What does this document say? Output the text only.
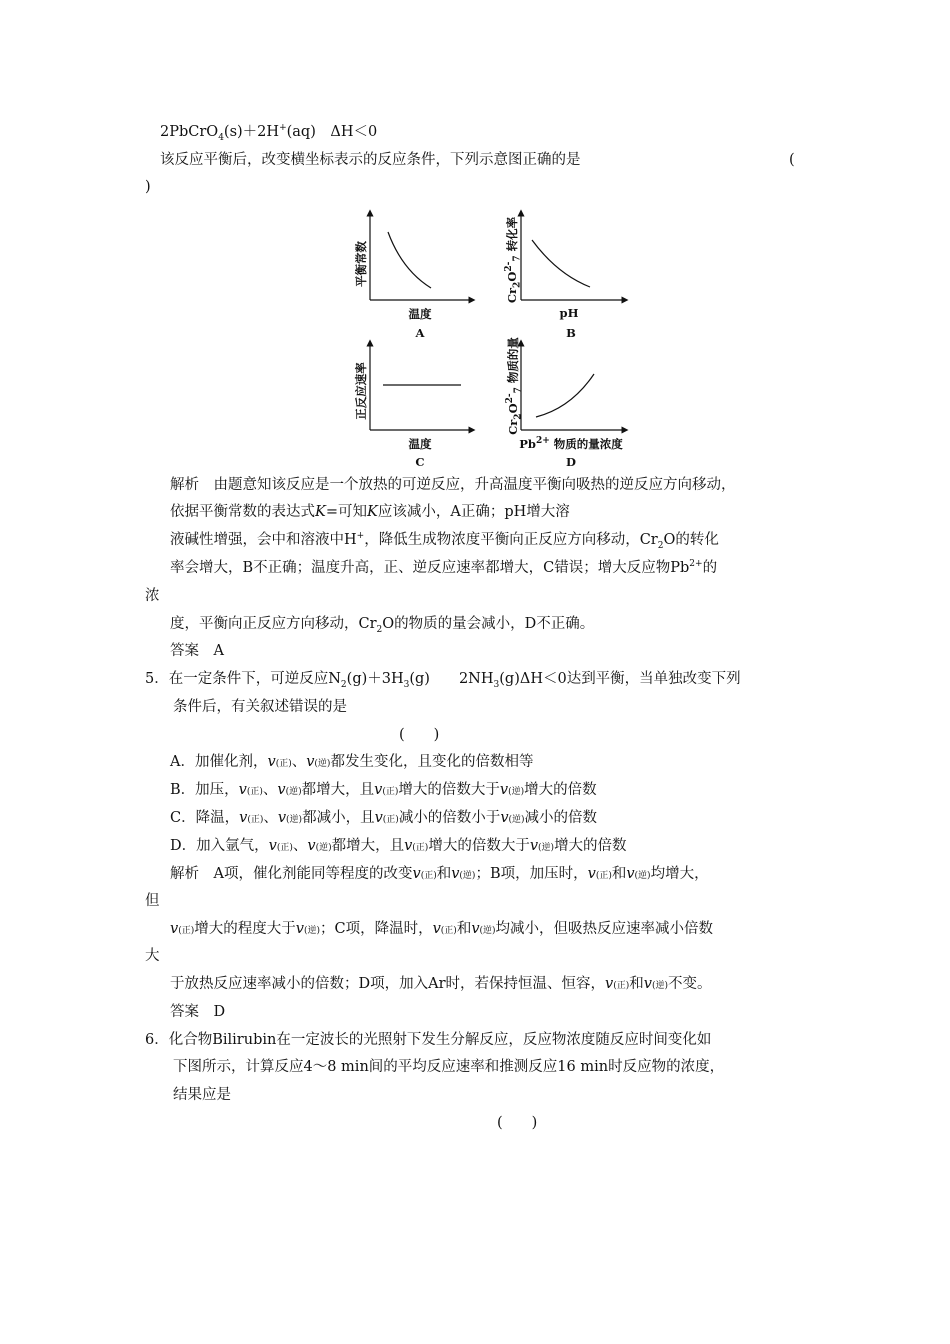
2PbCrO$_4$(s)＋2H+(aq)　ΔH＜0
该反应平衡后，改变横坐标表示的反应条件，下列示意图正确的是	(
)
平衡常数
温度
A
$Cr_2O^{2-}_7$ 转化率
pH
B
正反应速率
温度
C
$Cr_2O^{2-}_7$ 物质的量
$Pb^{2+}$ 物质的量浓度
D
解析　由题意知该反应是一个放热的可逆反应，升高温度平衡向吸热的逆反应方向移动，
依据平衡常数的表达式K=可知K应该减小，A正确；pH增大溶
液碱性增强，会中和溶液中H+，降低生成物浓度平衡向正反应方向移动，$Cr_2O$的转化
率会增大，B不正确；温度升高，正、逆反应速率都增大，C错误；增大反应物$Pb^{2+}$的
浓
度，平衡向正反应方向移动，$Cr_2O$的物质的量会减小，D不正确。
答案　A
5．在一定条件下，可逆反应$N_2(g)+3H_3(g)$　　$2NH_3(g)\Delta H<0$达到平衡，当单独改变下列
条件后，有关叙述错误的是
(　　)
A．加催化剂，v(正)、v(逆)都发生变化，且变化的倍数相等
B．加压，v(正)、v(逆)都增大，且v(正)增大的倍数大于v(逆)增大的倍数
C．降温，v(正)、v(逆)都减小，且v(正)减小的倍数小于v(逆)减小的倍数
D．加入氩气，v(正)、v(逆)都增大，且v(正)增大的倍数大于v(逆)增大的倍数
解析　A项，催化剂能同等程度的改变v(正)和v(逆)；B项，加压时，v(正)和v(逆)均增大，
但
v(正)增大的程度大于v(逆)；C项，降温时，v(正)和v(逆)均减小，但吸热反应速率减小倍数
大
于放热反应速率减小的倍数；D项，加入Ar时，若保持恒温、恒容，v(正)和v(逆)不变。
答案　D
6．化合物Bilirubin在一定波长的光照射下发生分解反应，反应物浓度随反应时间变化如
下图所示，计算反应4～8 min间的平均反应速率和推测反应16 min时反应物的浓度，
结果应是
(　　)
